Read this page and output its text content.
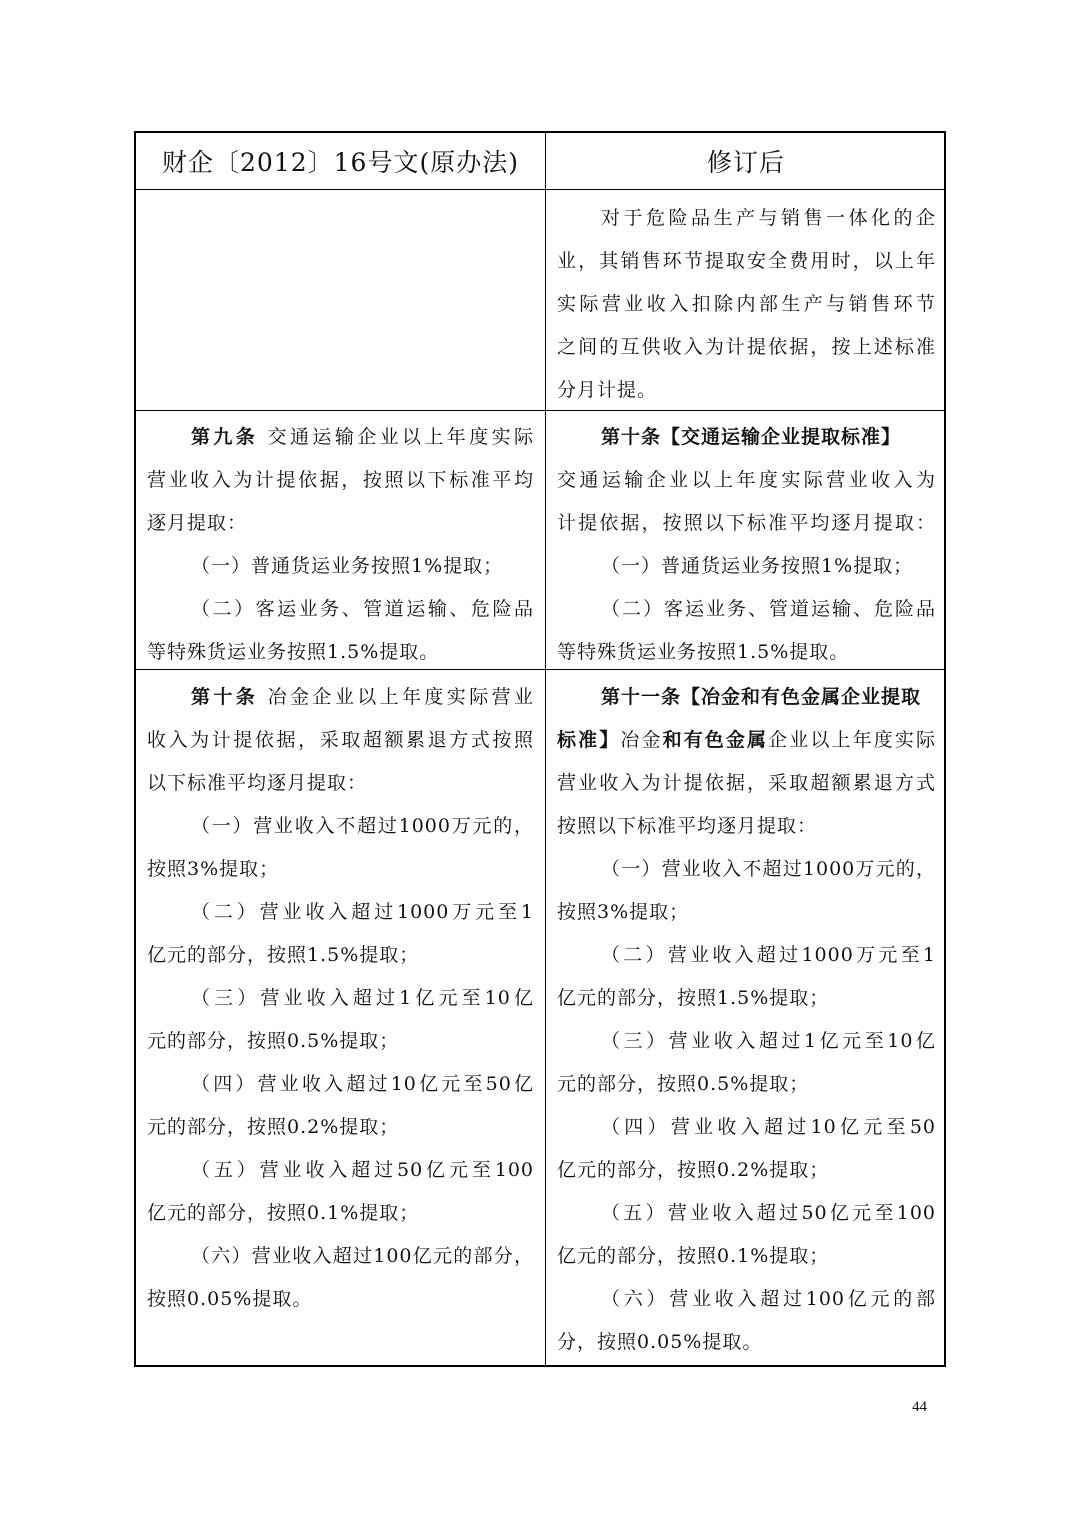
财企〔2012〕16号文(原办法)	修订后

对于危险品生产与销售一体化的企

业，其销售环节提取安全费用时，以上年

实际营业收入扣除内部生产与销售环节

之间的互供收入为计提依据，按上述标准

分月计提。

第九条 交通运输企业以上年度实际

营业收入为计提依据，按照以下标准平均

逐月提取：

（一）普通货运业务按照1%提取；

（二）客运业务、管道运输、危险品

等特殊货运业务按照1.5%提取。

第十条【交通运输企业提取标准】

交通运输企业以上年度实际营业收入为

计提依据，按照以下标准平均逐月提取：

（一）普通货运业务按照1%提取；

（二）客运业务、管道运输、危险品

等特殊货运业务按照1.5%提取。

第十条 冶金企业以上年度实际营业

收入为计提依据，采取超额累退方式按照

以下标准平均逐月提取：

（一）营业收入不超过1000万元的，

按照3%提取；

（二）营业收入超过1000万元至1

亿元的部分，按照1.5%提取；

（三）营业收入超过1亿元至10亿

元的部分，按照0.5%提取；

（四）营业收入超过10亿元至50亿

元的部分，按照0.2%提取；

（五）营业收入超过50亿元至100

亿元的部分，按照0.1%提取；

（六）营业收入超过100亿元的部分，

按照0.05%提取。

第十一条【冶金和有色金属企业提取

标准】冶金和有色金属企业以上年度实际

营业收入为计提依据，采取超额累退方式

按照以下标准平均逐月提取：

（一）营业收入不超过1000万元的，

按照3%提取；

（二）营业收入超过1000万元至1

亿元的部分，按照1.5%提取；

（三）营业收入超过1亿元至10亿

元的部分，按照0.5%提取；

（四）营业收入超过10亿元至50

亿元的部分，按照0.2%提取；

（五）营业收入超过50亿元至100

亿元的部分，按照0.1%提取；

（六）营业收入超过100亿元的部

分，按照0.05%提取。

44
